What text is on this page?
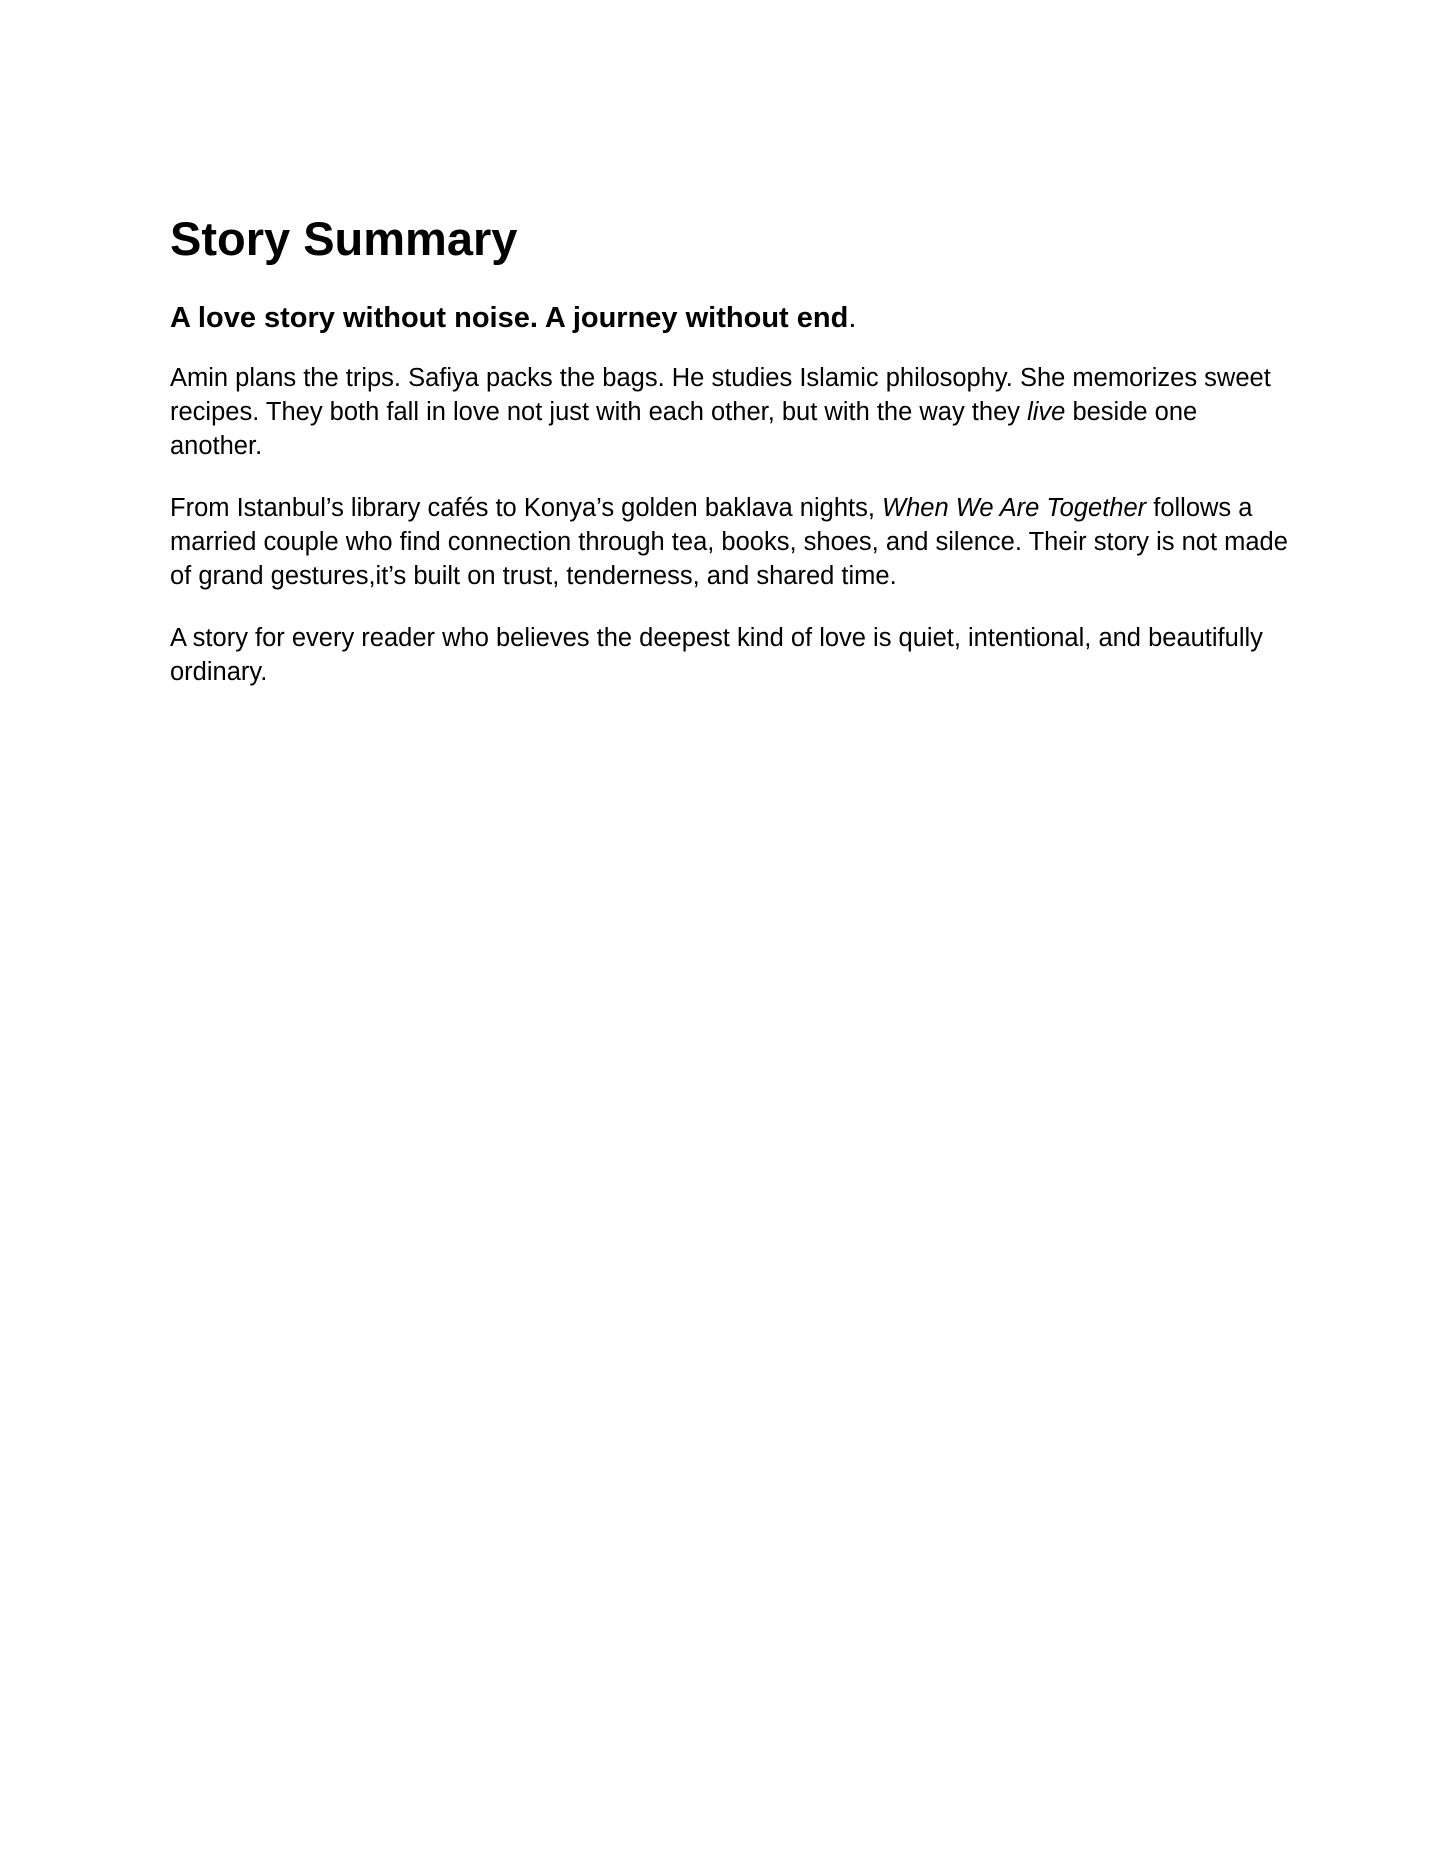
Story Summary
A love story without noise. A journey without end.

Amin plans the trips. Safiya packs the bags. He studies Islamic philosophy. She memorizes sweet recipes. They both fall in love not just with each other, but with the way they live beside one another.

From Istanbul’s library cafés to Konya’s golden baklava nights, When We Are Together follows a married couple who find connection through tea, books, shoes, and silence. Their story is not made of grand gestures,it’s built on trust, tenderness, and shared time.

A story for every reader who believes the deepest kind of love is quiet, intentional, and beautifully ordinary.
